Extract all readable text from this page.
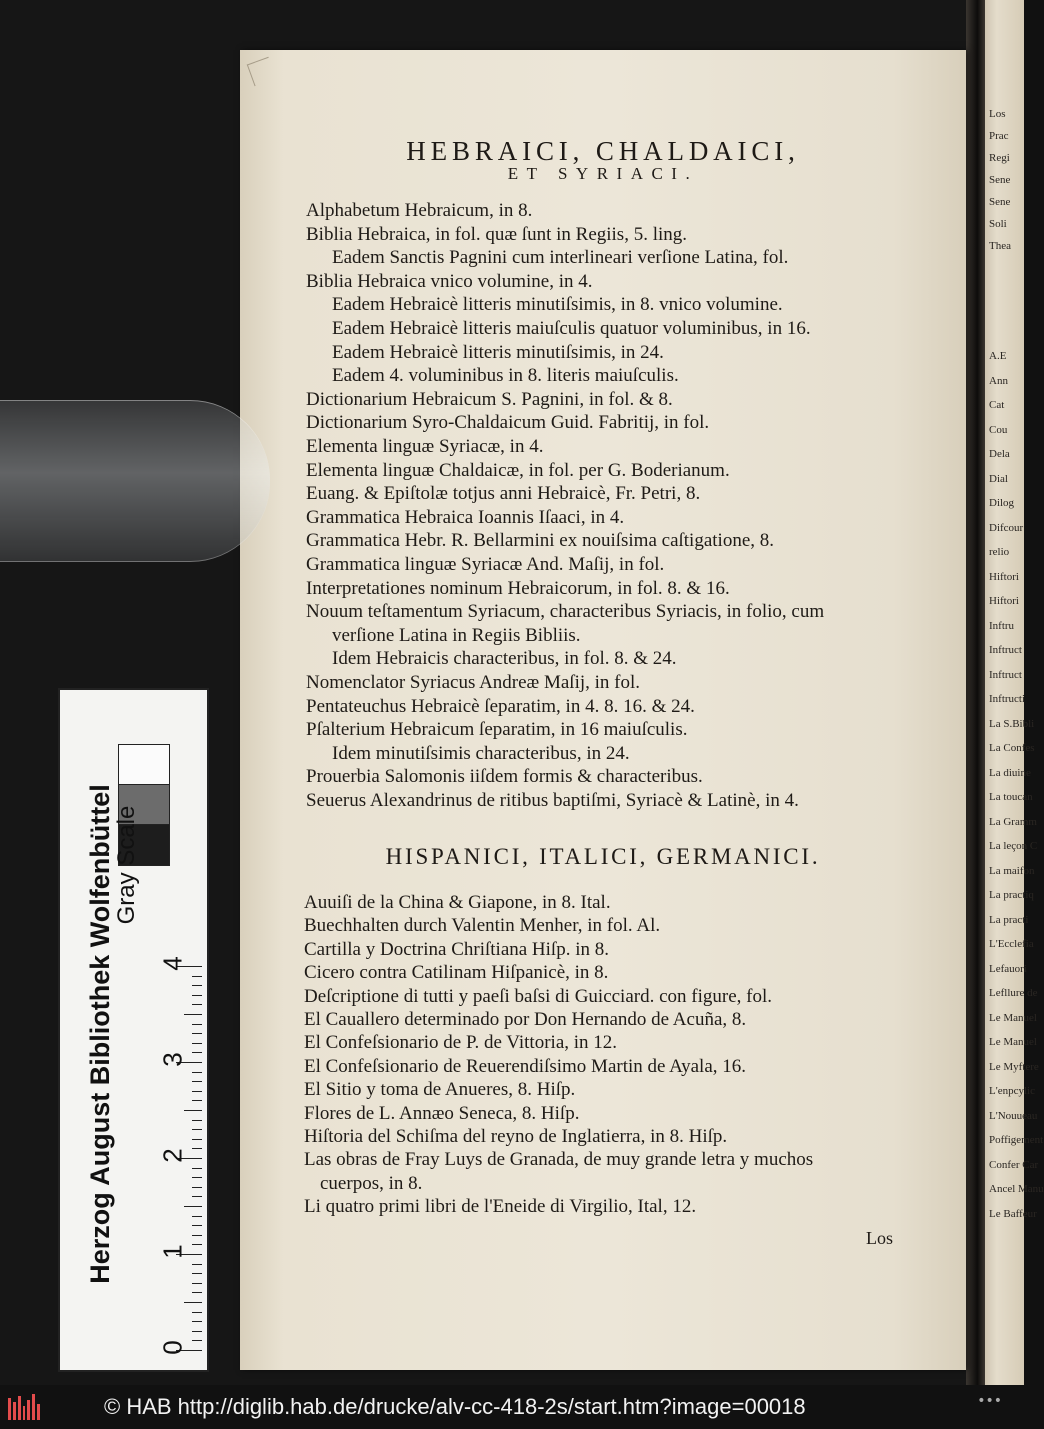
Los
Prac
Regi
Sene
Sene
Soli
Thea
A.E
Ann
Cat
Cou
Dela
Dial
Dilog
Difcour
relio
Hiftori
Hiftori
Inftru
Inftruct
Inftruct
Inftructi
La S.Bibli
La Confes
La diuine
La toucan
La Gramm
La leçon C
La maifon
La practiq
La practi
L'Ecclefia
Lefauori
Lefllure de
Le Manuel
Le Manuel
Le Myftere
L'enpcylic
L'Nouueau
Poffigement
Confer Car
Ancel Manu
Le Baffeur
HEBRAICI, CHALDAICI,
ET SYRIACI.
Alphabetum Hebraicum, in 8.
Biblia Hebraica, in fol. quæ ſunt in Regiis, 5. ling.
Eadem Sanctis Pagnini cum interlineari verſione Latina, fol.
Biblia Hebraica vnico volumine, in 4.
Eadem Hebraicè litteris minutiſsimis, in 8. vnico volumine.
Eadem Hebraicè litteris maiuſculis quatuor voluminibus, in 16.
Eadem Hebraicè litteris minutiſsimis, in 24.
Eadem 4. voluminibus in 8. literis maiuſculis.
Dictionarium Hebraicum S. Pagnini, in fol. & 8.
Dictionarium Syro-Chaldaicum Guid. Fabritij, in fol.
Elementa linguæ Syriacæ, in 4.
Elementa linguæ Chaldaicæ, in fol. per G. Boderianum.
Euang. & Epiſtolæ totjus anni Hebraicè, Fr. Petri, 8.
Grammatica Hebraica Ioannis Iſaaci, in 4.
Grammatica Hebr. R. Bellarmini ex nouiſsima caſtigatione, 8.
Grammatica linguæ Syriacæ And. Maſij, in fol.
Interpretationes nominum Hebraicorum, in fol. 8. & 16.
Nouum teſtamentum Syriacum, characteribus Syriacis, in folio, cum
verſione Latina in Regiis Bibliis.
Idem Hebraicis characteribus, in fol. 8. & 24.
Nomenclator Syriacus Andreæ Maſij, in fol.
Pentateuchus Hebraicè ſeparatim, in 4. 8. 16. & 24.
Pſalterium Hebraicum ſeparatim, in 16 maiuſculis.
Idem minutiſsimis characteribus, in 24.
Prouerbia Salomonis iiſdem formis & characteribus.
Seuerus Alexandrinus de ritibus baptiſmi, Syriacè & Latinè, in 4.
HISPANICI, ITALICI, GERMANICI.
Auuiſi de la China & Giapone, in 8. Ital.
Buechhalten durch Valentin Menher, in fol. Al.
Cartilla y Doctrina Chriſtiana Hiſp. in 8.
Cicero contra Catilinam Hiſpanicè, in 8.
Deſcriptione di tutti y paeſi baſsi di Guicciard. con figure, fol.
El Cauallero determinado por Don Hernando de Acuña, 8.
El Confeſsionario de P. de Vittoria, in 12.
El Confeſsionario de Reuerendiſsimo Martin de Ayala, 16.
El Sitio y toma de Anueres, 8. Hiſp.
Flores de L. Annæo Seneca, 8. Hiſp.
Hiſtoria del Schiſma del reyno de Inglatierra, in 8. Hiſp.
Las obras de Fray Luys de Granada, de muy grande letra y muchos
cuerpos, in 8.
Li quatro primi libri de l'Eneide di Virgilio, Ital, 12.
Los
Herzog August Bibliothek Wolfenbüttel
Gray Scale
0
1
2
3
4
© HAB http://diglib.hab.de/drucke/alv-cc-418-2s/start.htm?image=00018	•••
